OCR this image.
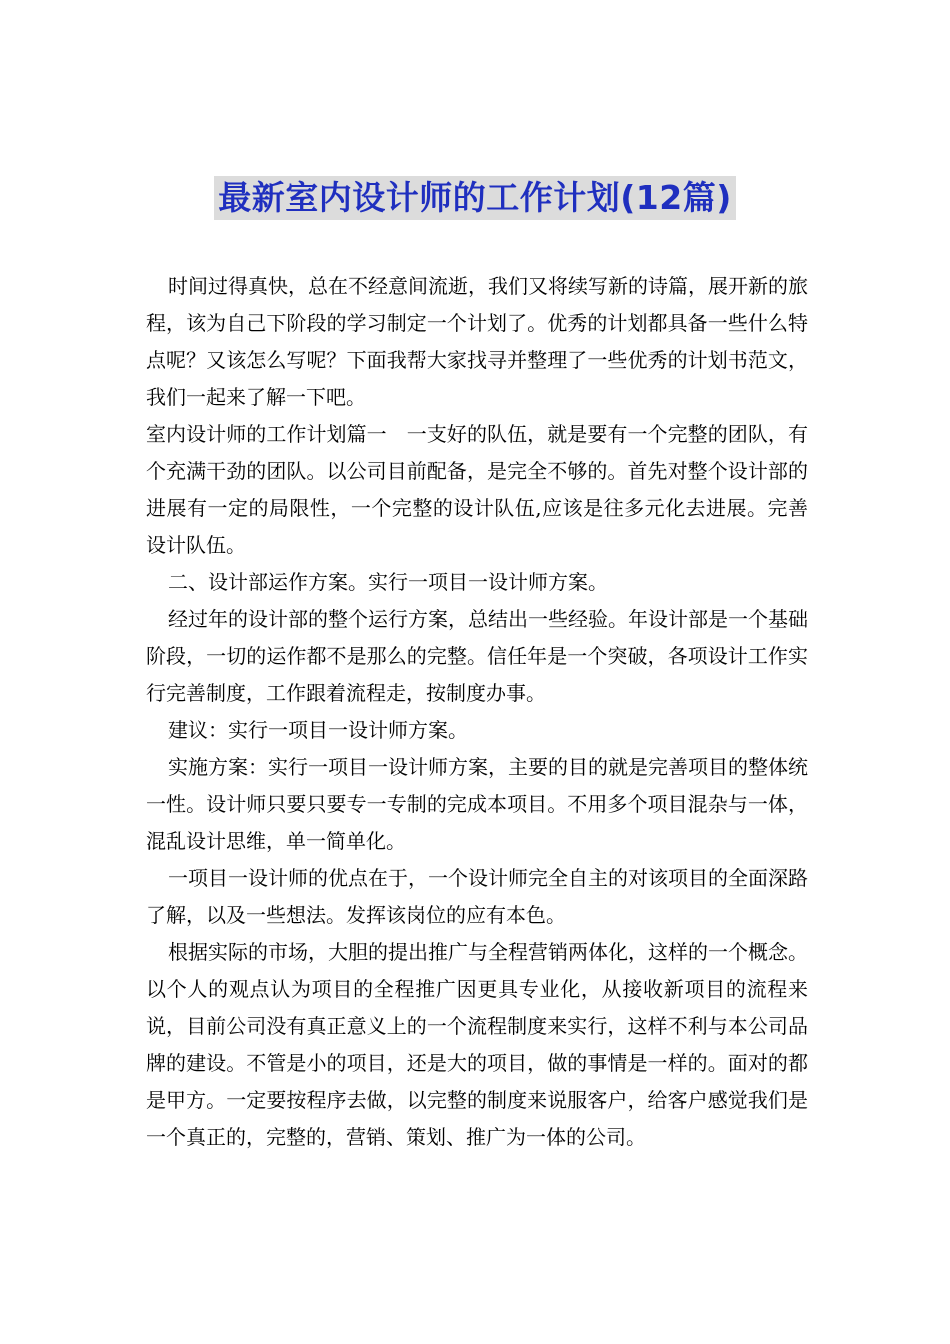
最新室内设计师的工作计划(12篇)

时间过得真快，总在不经意间流逝，我们又将续写新的诗篇，展开新的旅程，该为自己下阶段的学习制定一个计划了。优秀的计划都具备一些什么特点呢？又该怎么写呢？下面我帮大家找寻并整理了一些优秀的计划书范文，我们一起来了解一下吧。

室内设计师的工作计划篇一　一支好的队伍，就是要有一个完整的团队，有个充满干劲的团队。以公司目前配备，是完全不够的。首先对整个设计部的进展有一定的局限性，一个完整的设计队伍,应该是往多元化去进展。完善设计队伍。

二、设计部运作方案。实行一项目一设计师方案。

经过年的设计部的整个运行方案，总结出一些经验。年设计部是一个基础阶段，一切的运作都不是那么的完整。信任年是一个突破，各项设计工作实行完善制度，工作跟着流程走，按制度办事。

建议：实行一项目一设计师方案。

实施方案：实行一项目一设计师方案，主要的目的就是完善项目的整体统一性。设计师只要只要专一专制的完成本项目。不用多个项目混杂与一体，混乱设计思维，单一简单化。

一项目一设计师的优点在于，一个设计师完全自主的对该项目的全面深路了解，以及一些想法。发挥该岗位的应有本色。

根据实际的市场，大胆的提出推广与全程营销两体化，这样的一个概念。以个人的观点认为项目的全程推广因更具专业化，从接收新项目的流程来说，目前公司没有真正意义上的一个流程制度来实行，这样不利与本公司品牌的建设。不管是小的项目，还是大的项目，做的事情是一样的。面对的都是甲方。一定要按程序去做，以完整的制度来说服客户，给客户感觉我们是一个真正的，完整的，营销、策划、推广为一体的公司。
